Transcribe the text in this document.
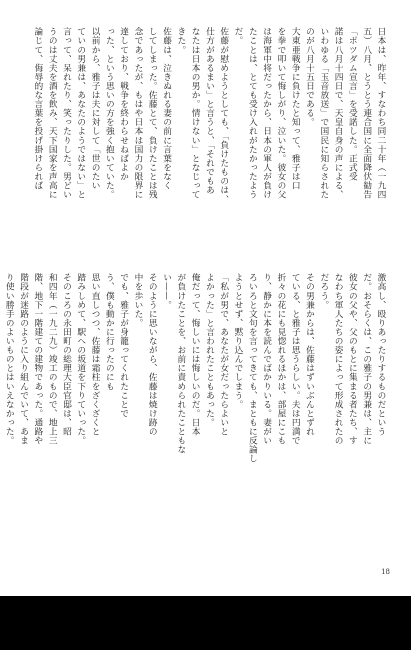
日本は、昨年、すなわち同二十年（一九四
五）八月、とうとう連合国に全面降伏勧告
「ポツダム宣言」を受諾した。正式受
諾は八月十四日で、天皇自身の声による、
いわゆる「玉音放送」で国民に知らされた
のが八月十五日である。
大東亜戦争に負けたと知って、雅子は口
を拳で叩いて悔しがり、泣いた。彼女の父
は海軍中将だったから、日本の軍人が負け
たことは、とても受け入れがたかったよう
だ。
佐藤が慰めようとしても、「負けたものは、
仕方があるまい」と言うと、「それでもあ
なたは日本の男か。情けない」となじって
きた。
佐藤は、泣きぬれる妻の前に言葉をなく
してしまった。佐藤とて、負けたことは残
念であったが、もはや日本は国力の限界に
達しており、戦争を終わらせねばよか
った、という思いの方を強く抱いていた。
以前から、雅子は夫に対して「世のたい
ていの男兼は、あなたのようではない」と
言って、呆れたり、笑ったりした。男どい
うのは丈夫を酒を飲み、天下国家を声高に
論じて、侮辱的な言葉を投げ掛けられば
激高し、殴りあったりするものだという
だ。おそらくは、この雅子の男兼は、主に
彼女の父や、父のもとに集まる者たち、す
なわち軍人たちの姿によって形成されたの
だろう。
その男兼からは、佐藤はずいぶんとずれ
ている、と雅子は思うらしい。夫は円満で
折々の花にも見惚れるほかは、部屋にこも
り、静かに本を読んでばかりいる。妻がい
ろいろと文句を言ってきても、まともに反論し
ようとせず、黙り込んでしまう。
「私が男で、あなたが女だったらよいと
よかった」と言われたこともあった。
俺だって、悔しいには悔しいのだ。日本
が負けたことを、お前に責められたこともな
い——。
そのように思いながら、佐藤は焼け跡の
中を歩いた。
でも、雅子が身籠ってくれたことで
う、僕も動かに行ったのにも
思い直しつつ、佐藤は霜柱をざくざくと
踏みしめて、駅への坂道を下りていった。
そのころの永田町の総理大臣官邸は、昭
和四年（一九二九）竣工のもので、地上三
階、地下一階建ての建物であった。通路や
階段が迷路のように入り組んでいて、あま
り使い勝手のよいものとはいえなかった。

18
